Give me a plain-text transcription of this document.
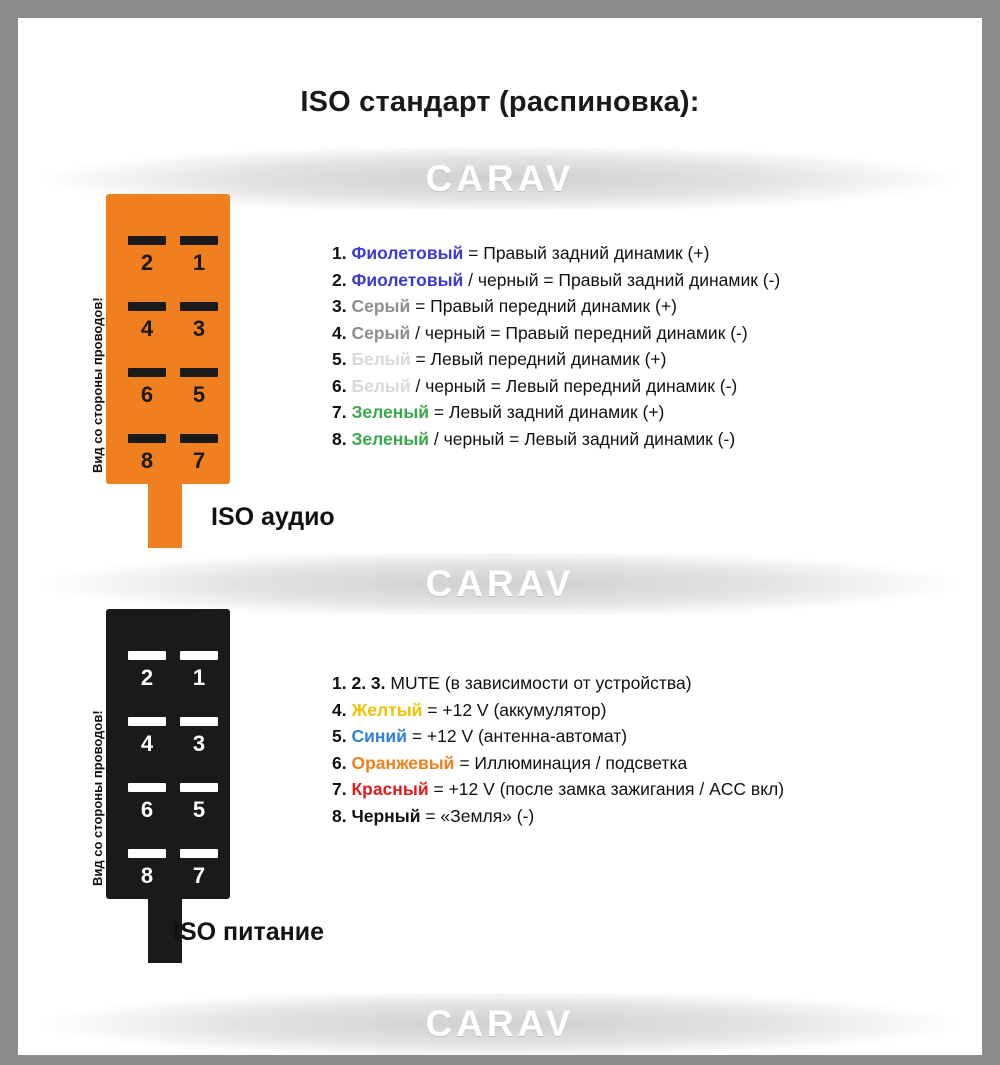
ISO стандарт (распиновка):
CARAV
Вид со стороны проводов!
2	1
4	3
6	5
8	7
ISO аудио
1. Фиолетовый = Правый задний динамик (+)
2. Фиолетовый / черный = Правый задний динамик (-)
3. Серый = Правый передний динамик (+)
4. Серый / черный = Правый передний динамик (-)
5. Белый = Левый передний динамик (+)
6. Белый / черный = Левый передний динамик (-)
7. Зеленый = Левый задний динамик (+)
8. Зеленый / черный = Левый задний динамик (-)
CARAV
Вид со стороны проводов!
2	1
4	3
6	5
8	7
ISO питание
1. 2. 3. MUTE (в зависимости от устройства)
4. Желтый = +12 V (аккумулятор)
5. Синий = +12 V (антенна-автомат)
6. Оранжевый = Иллюминация / подсветка
7. Красный = +12 V (после замка зажигания / ACC вкл)
8. Черный = «Земля» (-)
CARAV
